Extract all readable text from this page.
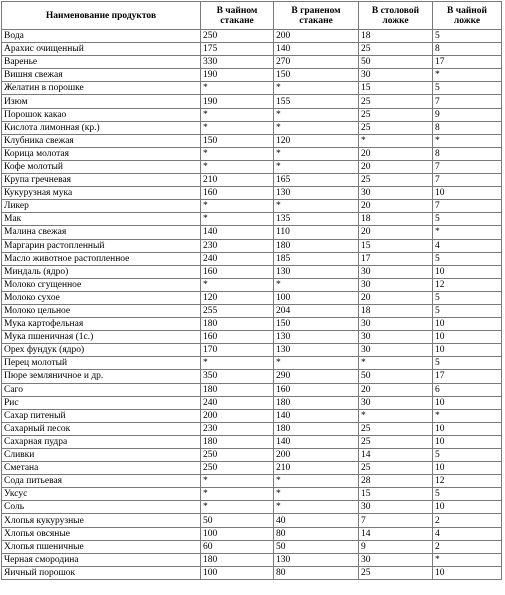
Наименование продуктов	В чайном стакане	В граненом стакане	В столовой ложке	В чайной ложке
Вода	250	200	18	5
Арахис очищенный	175	140	25	8
Варенье	330	270	50	17
Вишня свежая	190	150	30	*
Желатин в порошке	*	*	15	5
Изюм	190	155	25	7
Порошок какао	*	*	25	9
Кислота лимонная (кр.)	*	*	25	8
Клубника свежая	150	120	*	*
Корица молотая	*	*	20	8
Кофе молотый	*	*	20	7
Крупа гречневая	210	165	25	7
Кукурузная мука	160	130	30	10
Ликер	*	*	20	7
Мак	*	135	18	5
Малина свежая	140	110	20	*
Маргарин растопленный	230	180	15	4
Масло животное растопленное	240	185	17	5
Миндаль (ядро)	160	130	30	10
Молоко сгущенное	*	*	30	12
Молоко сухое	120	100	20	5
Молоко цельное	255	204	18	5
Мука картофельная	180	150	30	10
Мука пшеничная (1с.)	160	130	30	10
Орех фундук (ядро)	170	130	30	10
Перец молотый	*	*	*	5
Пюре земляничное и др.	350	290	50	17
Саго	180	160	20	6
Рис	240	180	30	10
Сахар питеный	200	140	*	*
Сахарный песок	230	180	25	10
Сахарная пудра	180	140	25	10
Сливки	250	200	14	5
Сметана	250	210	25	10
Сода питьевая	*	*	28	12
Уксус	*	*	15	5
Соль	*	*	30	10
Хлопья кукурузные	50	40	7	2
Хлопья овсяные	100	80	14	4
Хлопья пшеничные	60	50	9	2
Черная смородина	180	130	30	*
Яичный порошок	100	80	25	10
